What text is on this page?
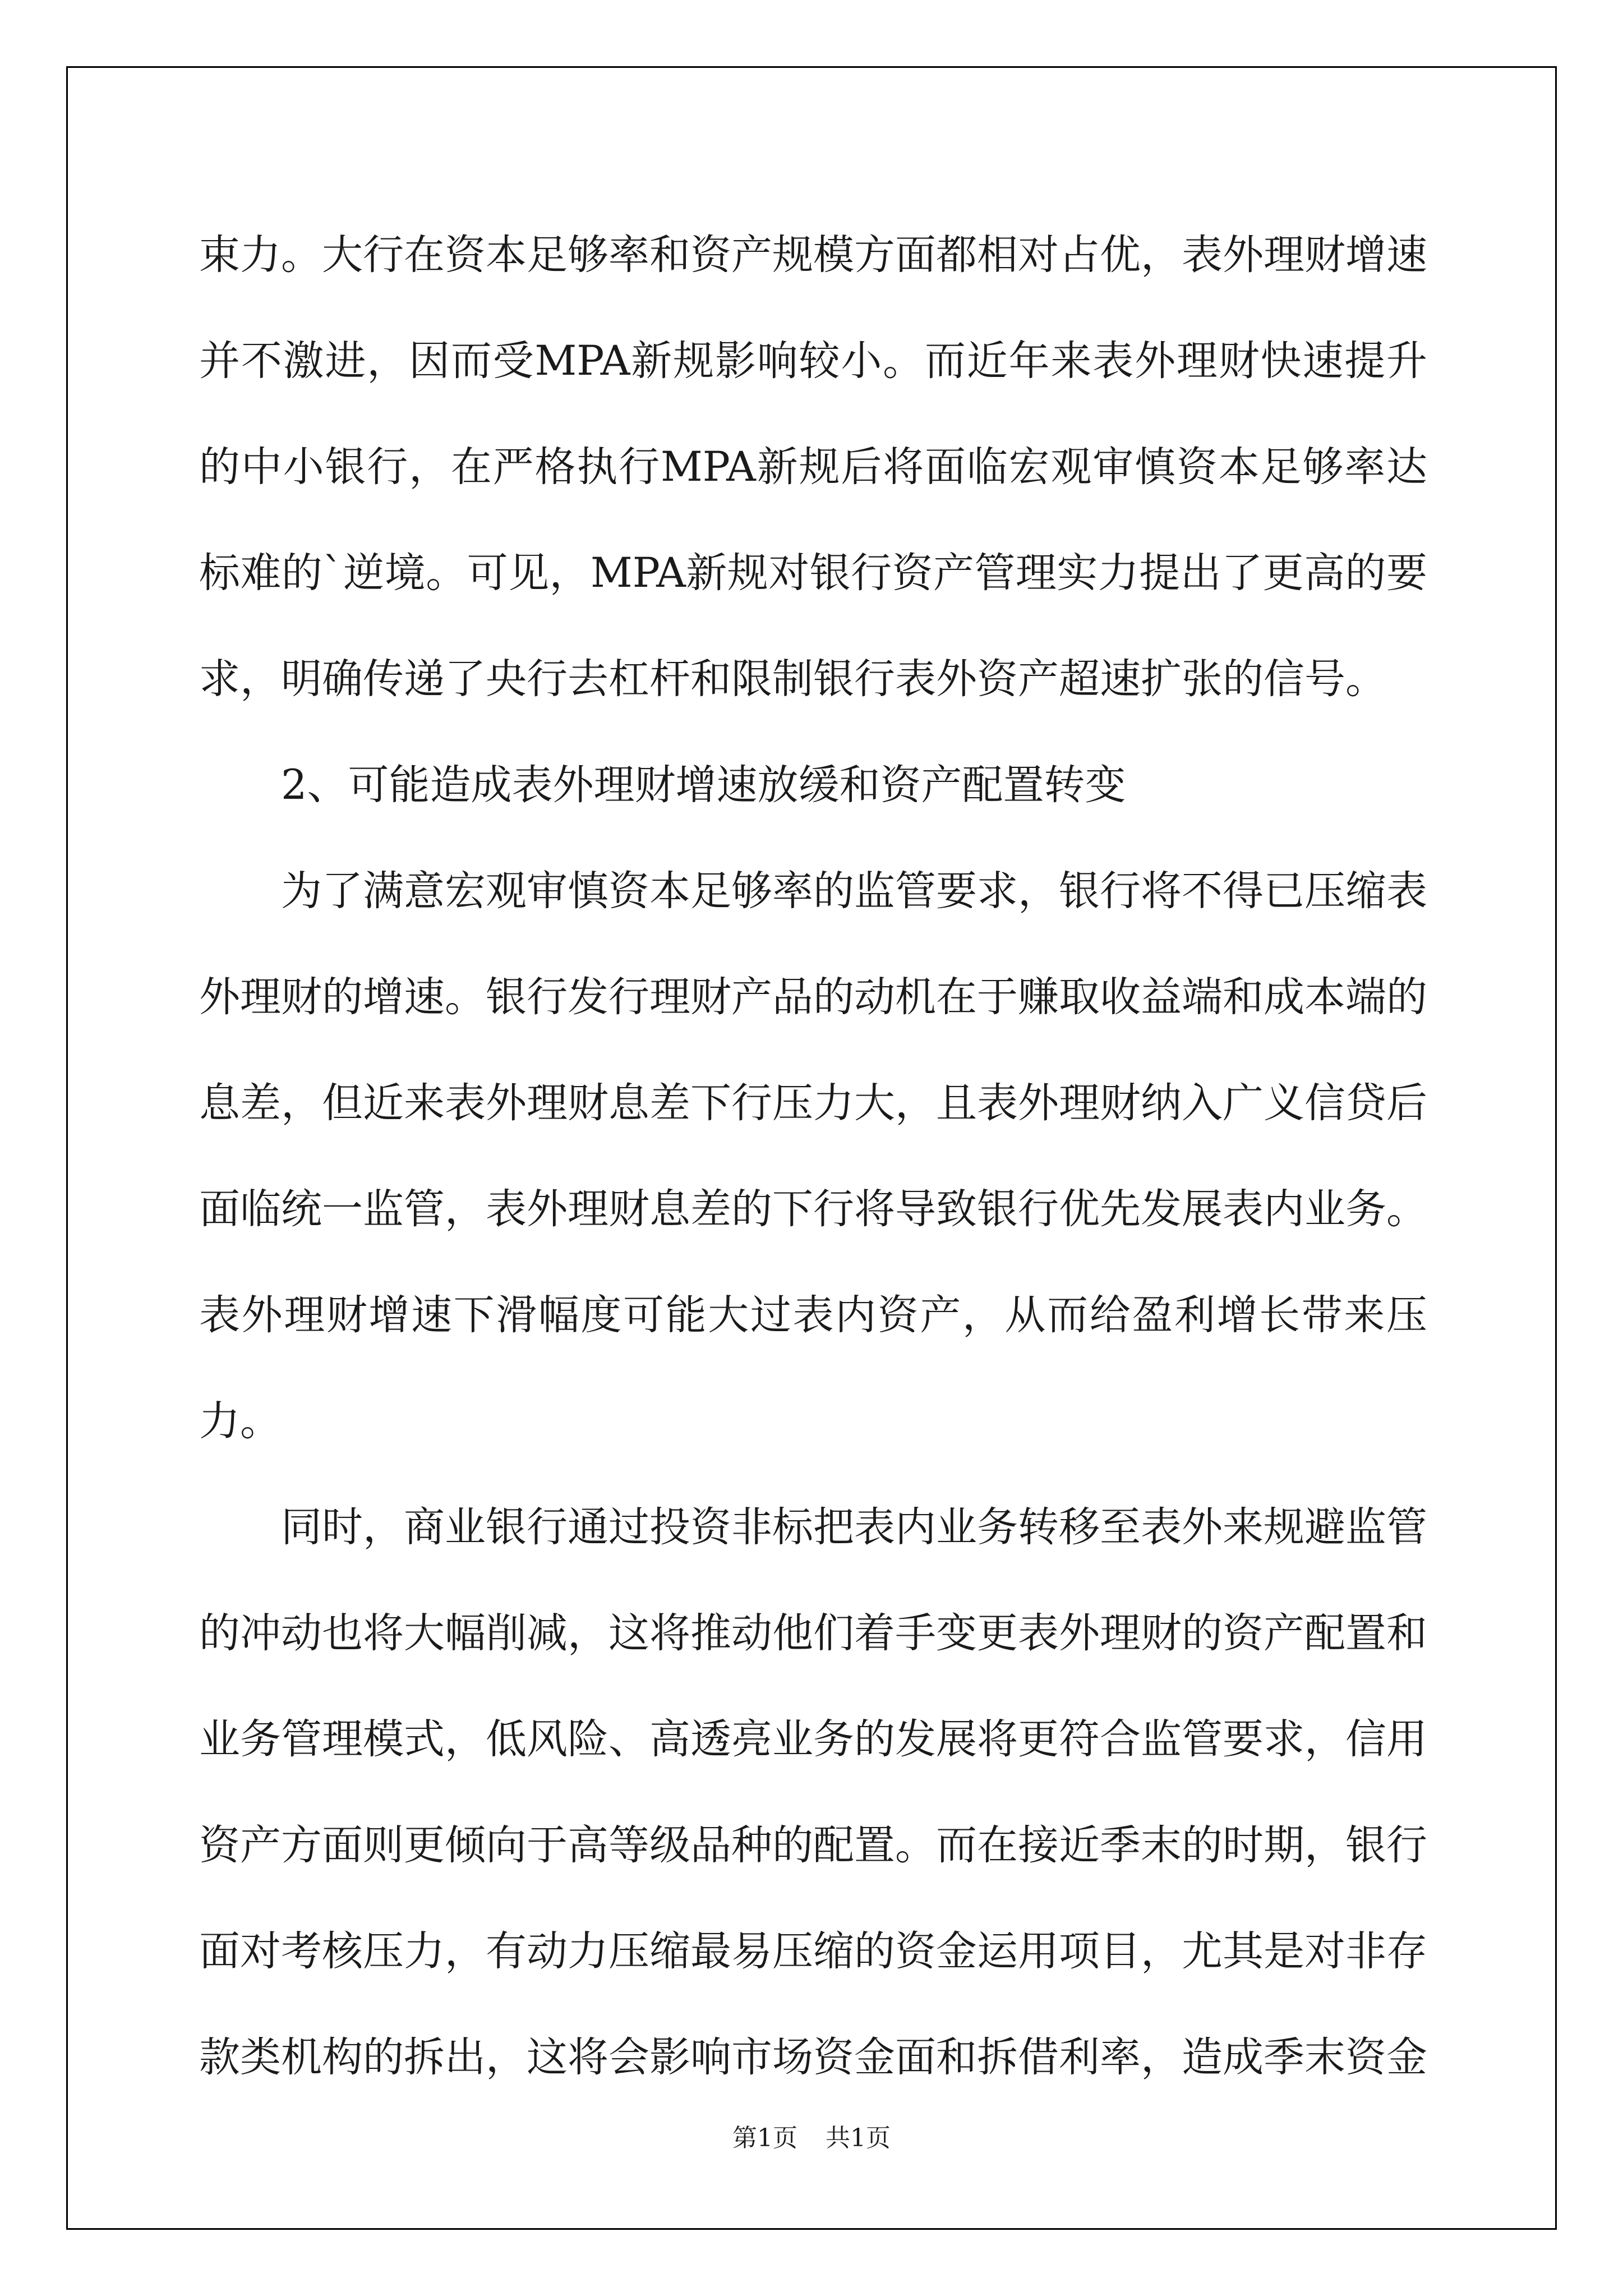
束力。大行在资本足够率和资产规模方面都相对占优，表外理财增速并不激进，因而受MPA新规影响较小。而近年来表外理财快速提升的中小银行，在严格执行MPA新规后将面临宏观审慎资本足够率达标难的`逆境。可见，MPA新规对银行资产管理实力提出了更高的要求，明确传递了央行去杠杆和限制银行表外资产超速扩张的信号。

2、可能造成表外理财增速放缓和资产配置转变

为了满意宏观审慎资本足够率的监管要求，银行将不得已压缩表外理财的增速。银行发行理财产品的动机在于赚取收益端和成本端的息差，但近来表外理财息差下行压力大，且表外理财纳入广义信贷后面临统一监管，表外理财息差的下行将导致银行优先发展表内业务。表外理财增速下滑幅度可能大过表内资产，从而给盈利增长带来压力。

同时，商业银行通过投资非标把表内业务转移至表外来规避监管的冲动也将大幅削减，这将推动他们着手变更表外理财的资产配置和业务管理模式，低风险、高透亮业务的发展将更符合监管要求，信用资产方面则更倾向于高等级品种的配置。而在接近季末的时期，银行面对考核压力，有动力压缩最易压缩的资金运用项目，尤其是对非存款类机构的拆出，这将会影响市场资金面和拆借利率，造成季末资金

第1页 共1页
